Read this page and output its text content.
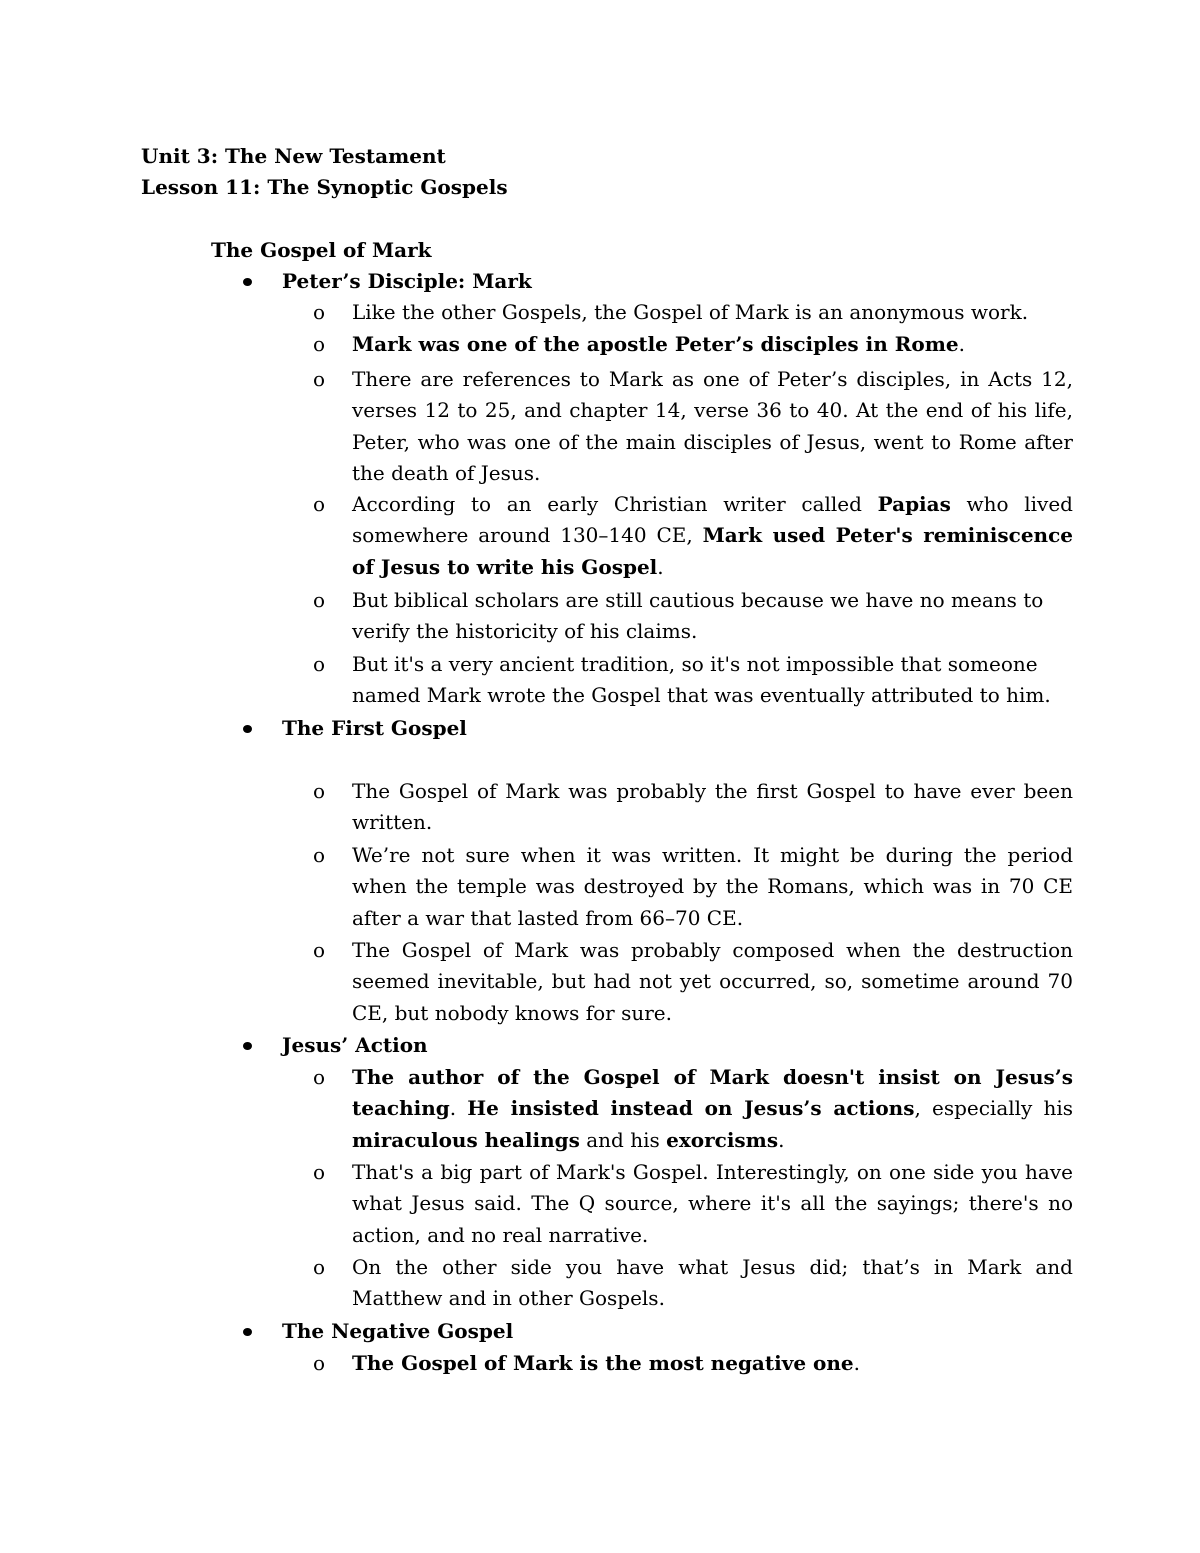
Unit 3: The New Testament
Lesson 11: The Synoptic Gospels
The Gospel of Mark
Peter’s Disciple: Mark
o	Like the other Gospels, the Gospel of Mark is an anonymous work.
o	Mark was one of the apostle Peter’s disciples in Rome.
o	There are references to Mark as one of Peter’s disciples, in Acts 12, verses 12 to 25, and chapter 14, verse 36 to 40. At the end of his life, Peter, who was one of the main disciples of Jesus, went to Rome after the death of Jesus.
o	According to an early Christian writer called Papias who lived somewhere around 130–140 CE, Mark used Peter's reminiscence of Jesus to write his Gospel.
o	But biblical scholars are still cautious because we have no means to verify the historicity of his claims.
o	But it's a very ancient tradition, so it's not impossible that someone named Mark wrote the Gospel that was eventually attributed to him.
The First Gospel
o	The Gospel of Mark was probably the first Gospel to have ever been written.
o	We’re not sure when it was written. It might be during the period when the temple was destroyed by the Romans, which was in 70 CE after a war that lasted from 66–70 CE.
o	The Gospel of Mark was probably composed when the destruction seemed inevitable, but had not yet occurred, so, sometime around 70 CE, but nobody knows for sure.
Jesus’ Action
o	The author of the Gospel of Mark doesn't insist on Jesus’s teaching. He insisted instead on Jesus’s actions, especially his miraculous healings and his exorcisms.
o	That's a big part of Mark's Gospel. Interestingly, on one side you have what Jesus said. The Q source, where it's all the sayings; there's no action, and no real narrative.
o	On the other side you have what Jesus did; that’s in Mark and Matthew and in other Gospels.
The Negative Gospel
o	The Gospel of Mark is the most negative one.
